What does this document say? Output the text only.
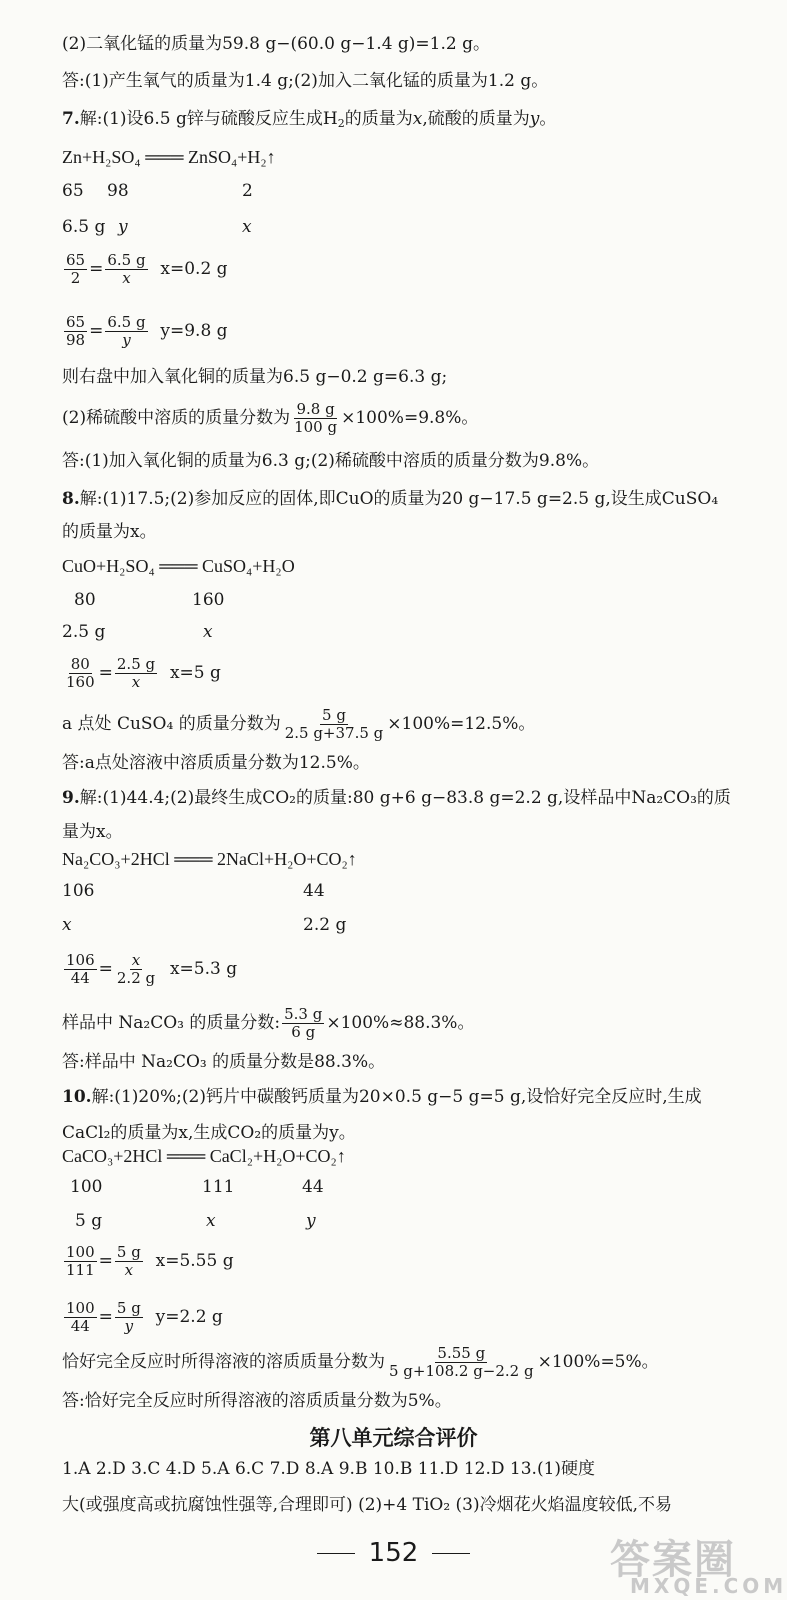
(2)二氧化锰的质量为59.8 g−(60.0 g−1.4 g)=1.2 g。
答:(1)产生氧气的质量为1.4 g;(2)加入二氧化锰的质量为1.2 g。
7.解:(1)设6.5 g锌与硫酸反应生成$H_2$的质量为x,硫酸的质量为y。
Zn+H₂SO₄ ═══ ZnSO₄+H₂↑
65 98	2
6.5 g y	x
$\frac{65}{2} = \frac{6.5 g}{x} x=0.2$ g
$\frac{65}{98} = \frac{6.5 g}{y} y=9.8$ g
则右盘中加入氧化铜的质量为6.5 g−0.2 g=6.3 g;
(2)稀硫酸中溶质的质量分数为 $\frac{9.8 g}{100 g} \times 100\%=9.8\%$。
答:(1)加入氧化铜的质量为6.3 g;(2)稀硫酸中溶质的质量分数为9.8%。
8.解:(1)17.5;(2)参加反应的固体,即CuO的质量为20 g−17.5 g=2.5 g,设生成CuSO₄
的质量为x。
CuO+H₂SO₄ ═══ CuSO₄+H₂O
80	160
2.5 g	x
$\frac{80}{160} = \frac{2.5 g}{x} x=5$ g
a 点处 CuSO₄ 的质量分数为 $\frac{5 g}{2.5 g+37.5 g} \times 100\%=12.5\%$。
答:a点处溶液中溶质质量分数为12.5%。
9.解:(1)44.4;(2)最终生成CO₂的质量:80 g+6 g−83.8 g=2.2 g,设样品中Na₂CO₃的质
量为x。
Na₂CO₃+2HCl ═══ 2NaCl+H₂O+CO₂↑
106	44
x	2.2 g
$\frac{106}{44} = \frac{x}{2.2 g} x=5.3$ g
样品中 Na₂CO₃ 的质量分数: $\frac{5.3 g}{6 g} \times 100\%\approx 88.3\%$。
答:样品中 Na₂CO₃ 的质量分数是88.3%。
10.解:(1)20%;(2)钙片中碳酸钙质量为20×0.5 g−5 g=5 g,设恰好完全反应时,生成
CaCl₂的质量为x,生成CO₂的质量为y。
CaCO₃+2HCl ═══ CaCl₂+H₂O+CO₂↑
100	111	44
5 g	x	y
$\frac{100}{111} = \frac{5 g}{x} x=5.55$ g
$\frac{100}{44} = \frac{5 g}{y} y=2.2$ g
恰好完全反应时所得溶液的溶质质量分数为 $\frac{5.55 g}{5 g+108.2 g-2.2 g} \times 100\%=5\%$。
答:恰好完全反应时所得溶液的溶质质量分数为5%。
第八单元综合评价
1.A 2.D 3.C 4.D 5.A 6.C 7.D 8.A 9.B 10.B 11.D 12.D 13.(1)硬度
大(或强度高或抗腐蚀性强等,合理即可) (2)+4 TiO₂ (3)冷烟花火焰温度较低,不易
152	答案圈
MXQE.COM
